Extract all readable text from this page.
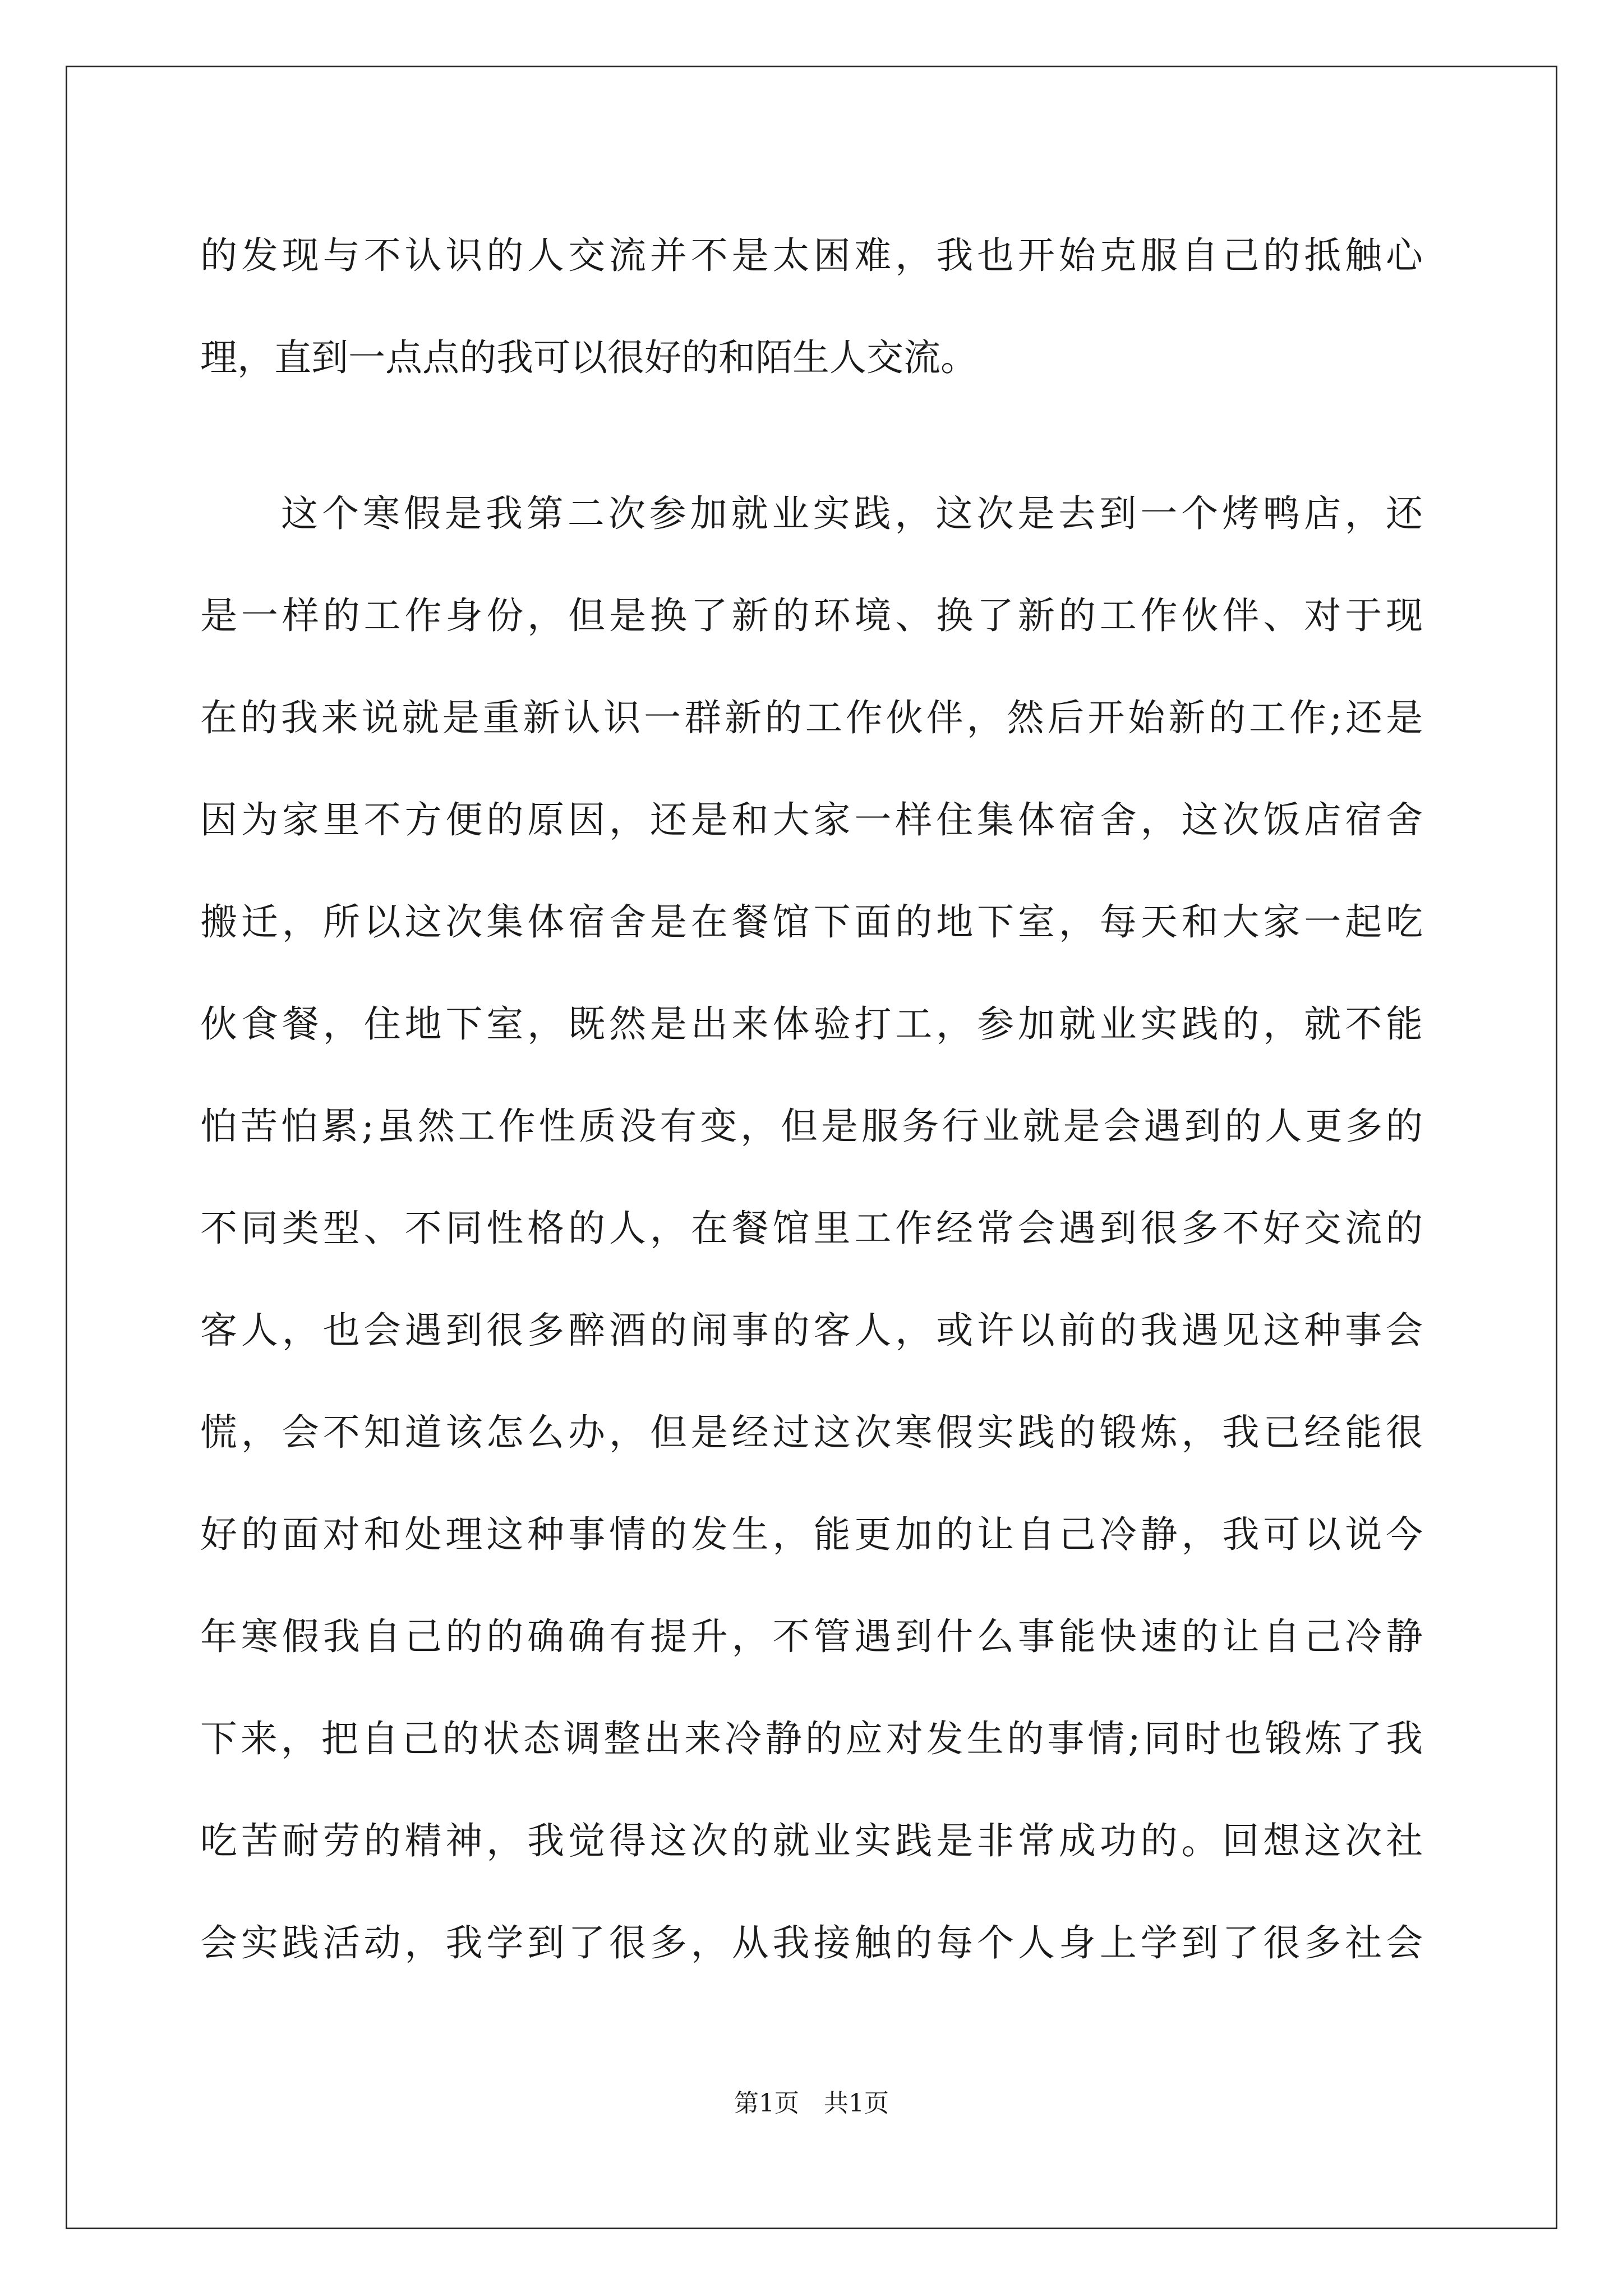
的发现与不认识的人交流并不是太困难，我也开始克服自己的抵触心
理，直到一点点的我可以很好的和陌生人交流。
这个寒假是我第二次参加就业实践，这次是去到一个烤鸭店，还
是一样的工作身份，但是换了新的环境、换了新的工作伙伴、对于现
在的我来说就是重新认识一群新的工作伙伴，然后开始新的工作;还是
因为家里不方便的原因，还是和大家一样住集体宿舍，这次饭店宿舍
搬迁，所以这次集体宿舍是在餐馆下面的地下室，每天和大家一起吃
伙食餐，住地下室，既然是出来体验打工，参加就业实践的，就不能
怕苦怕累;虽然工作性质没有变，但是服务行业就是会遇到的人更多的
不同类型、不同性格的人，在餐馆里工作经常会遇到很多不好交流的
客人，也会遇到很多醉酒的闹事的客人，或许以前的我遇见这种事会
慌，会不知道该怎么办，但是经过这次寒假实践的锻炼，我已经能很
好的面对和处理这种事情的发生，能更加的让自己冷静，我可以说今
年寒假我自己的的确确有提升，不管遇到什么事能快速的让自己冷静
下来，把自己的状态调整出来冷静的应对发生的事情;同时也锻炼了我
吃苦耐劳的精神，我觉得这次的就业实践是非常成功的。回想这次社
会实践活动，我学到了很多，从我接触的每个人身上学到了很多社会
第1页 共1页
